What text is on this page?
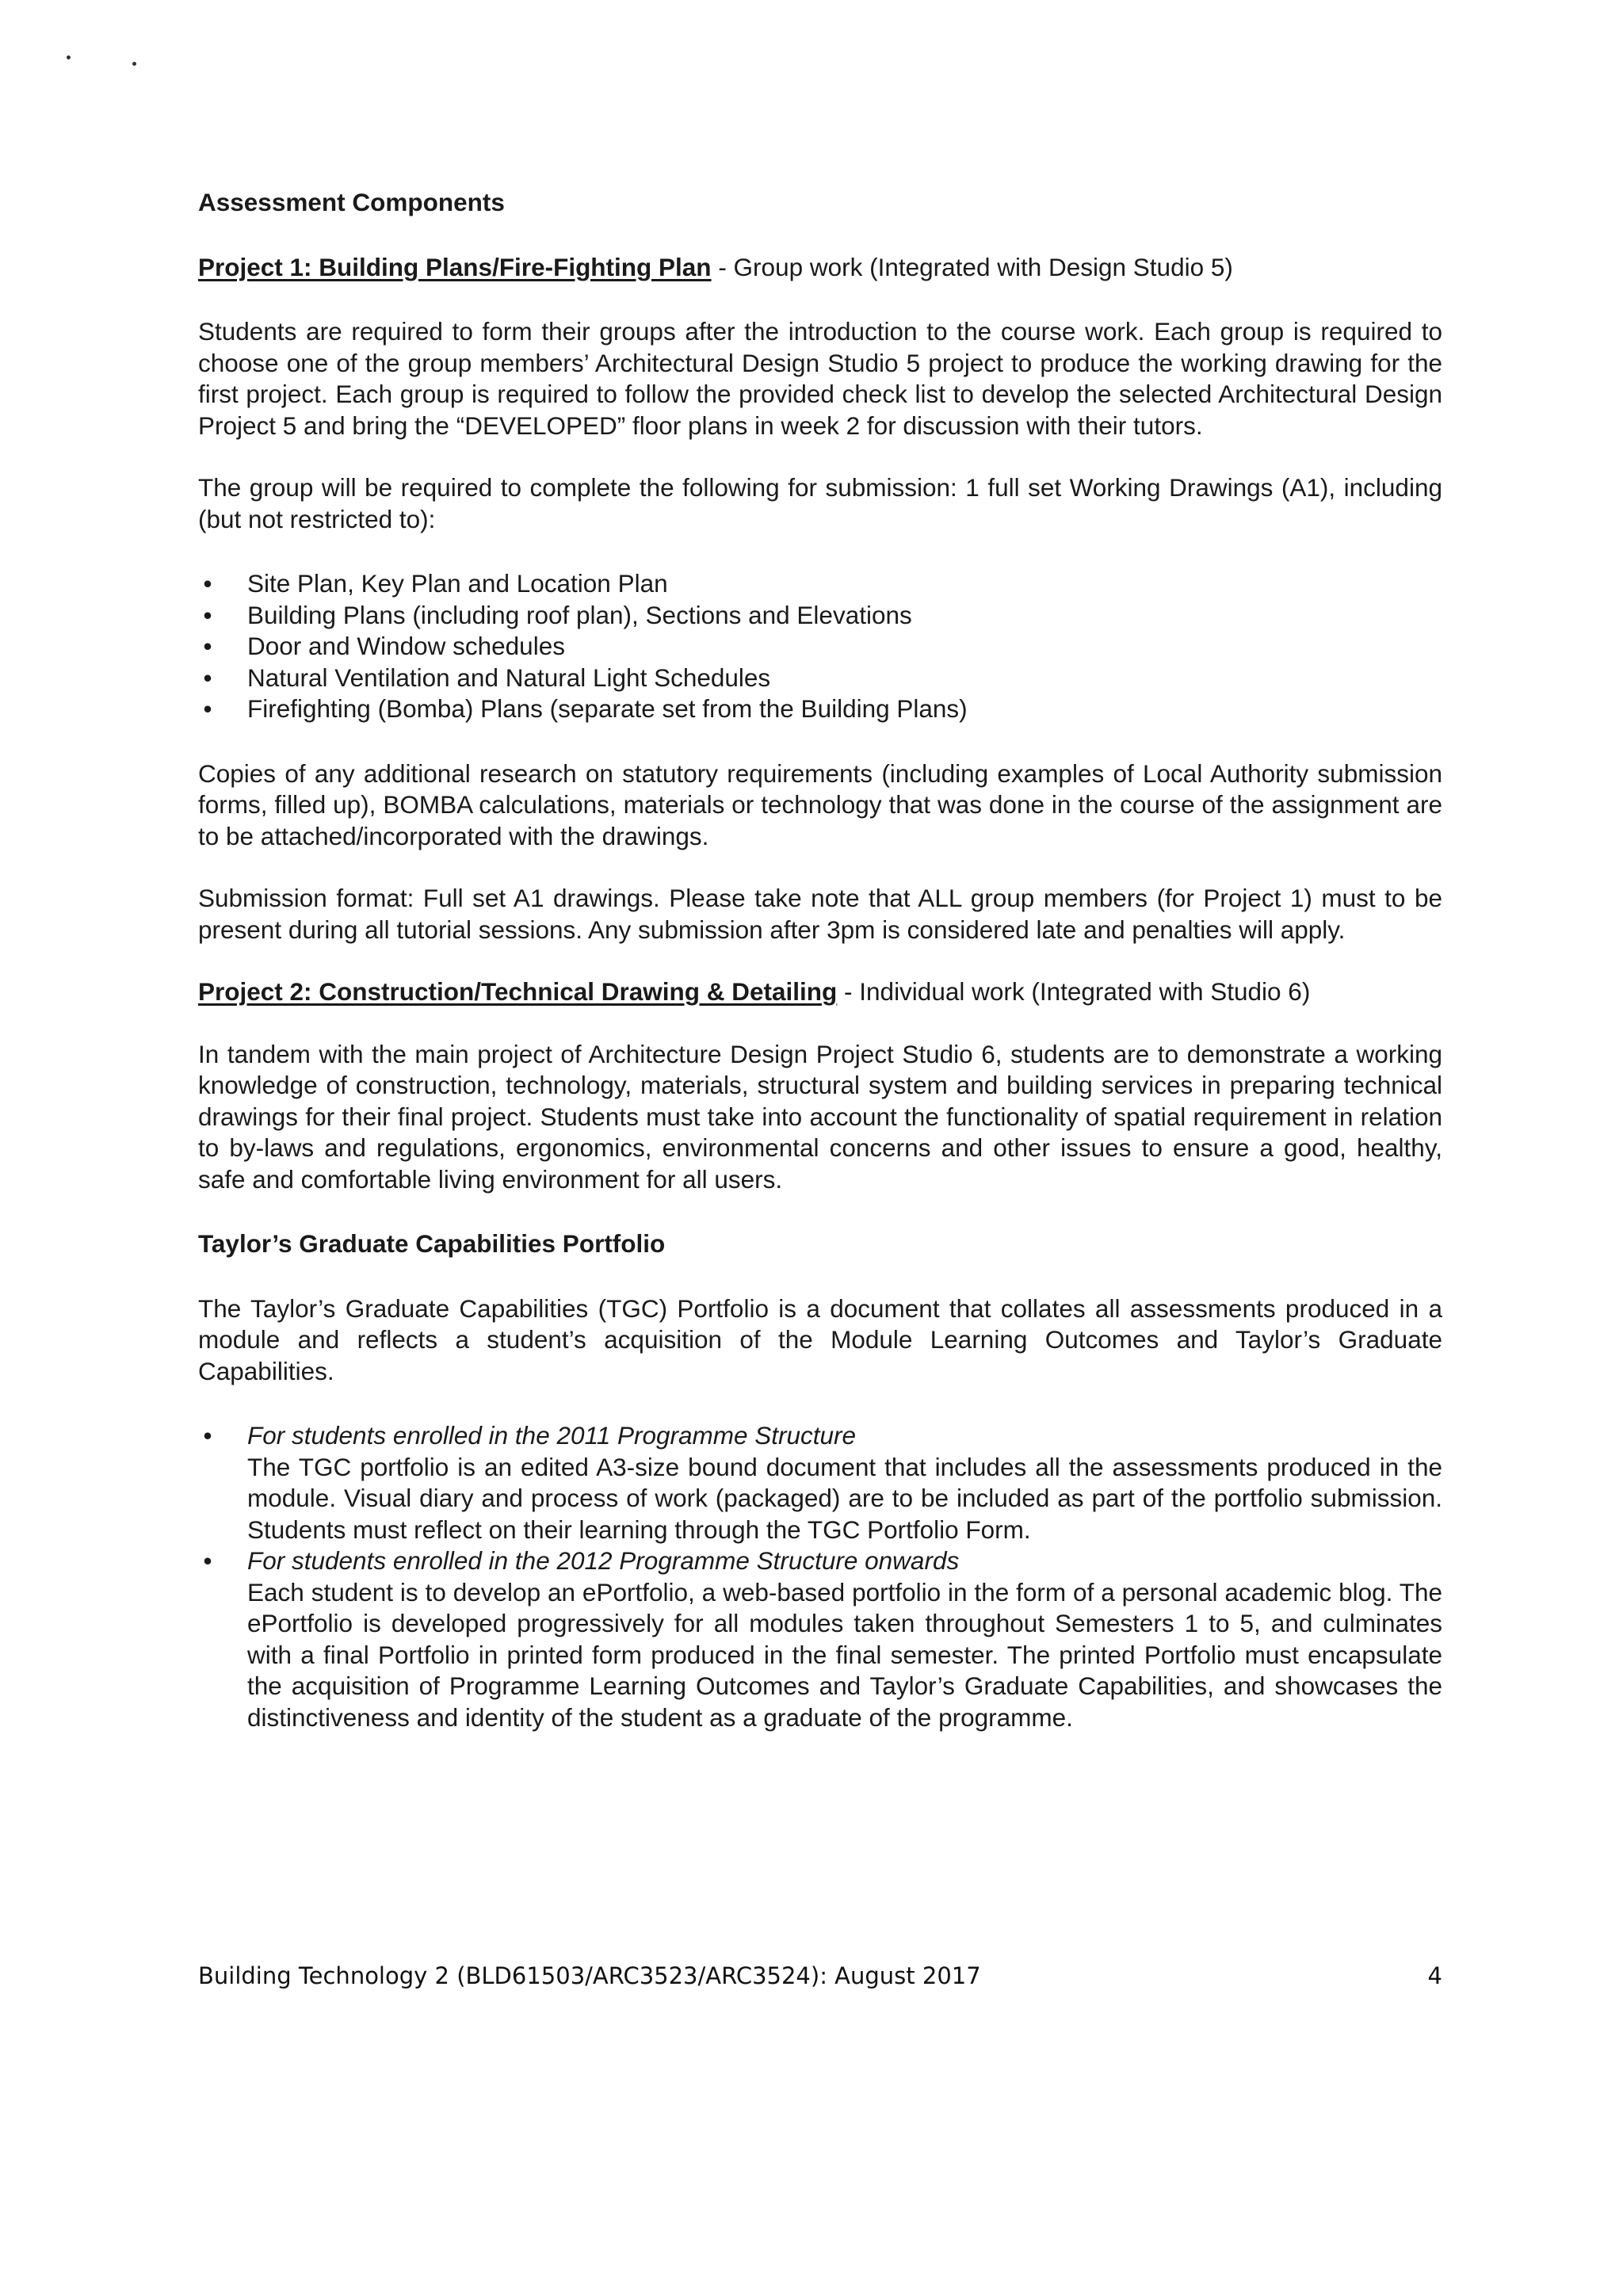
Assessment Components

Project 1: Building Plans/Fire-Fighting Plan - Group work (Integrated with Design Studio 5)

Students are required to form their groups after the introduction to the course work. Each group is required to choose one of the group members’ Architectural Design Studio 5 project to produce the working drawing for the first project. Each group is required to follow the provided check list to develop the selected Architectural Design Project 5 and bring the “DEVELOPED” floor plans in week 2 for discussion with their tutors.

The group will be required to complete the following for submission: 1 full set Working Drawings (A1), including (but not restricted to):

• Site Plan, Key Plan and Location Plan
• Building Plans (including roof plan), Sections and Elevations
• Door and Window schedules
• Natural Ventilation and Natural Light Schedules
• Firefighting (Bomba) Plans (separate set from the Building Plans)

Copies of any additional research on statutory requirements (including examples of Local Authority submission forms, filled up), BOMBA calculations, materials or technology that was done in the course of the assignment are to be attached/incorporated with the drawings.

Submission format: Full set A1 drawings. Please take note that ALL group members (for Project 1) must to be present during all tutorial sessions. Any submission after 3pm is considered late and penalties will apply.

Project 2: Construction/Technical Drawing & Detailing - Individual work (Integrated with Studio 6)

In tandem with the main project of Architecture Design Project Studio 6, students are to demonstrate a working knowledge of construction, technology, materials, structural system and building services in preparing technical drawings for their final project. Students must take into account the functionality of spatial requirement in relation to by-laws and regulations, ergonomics, environmental concerns and other issues to ensure a good, healthy, safe and comfortable living environment for all users.

Taylor’s Graduate Capabilities Portfolio

The Taylor’s Graduate Capabilities (TGC) Portfolio is a document that collates all assessments produced in a module and reflects a student’s acquisition of the Module Learning Outcomes and Taylor’s Graduate Capabilities.

• For students enrolled in the 2011 Programme Structure
The TGC portfolio is an edited A3-size bound document that includes all the assessments produced in the module. Visual diary and process of work (packaged) are to be included as part of the portfolio submission. Students must reflect on their learning through the TGC Portfolio Form.
• For students enrolled in the 2012 Programme Structure onwards
Each student is to develop an ePortfolio, a web-based portfolio in the form of a personal academic blog. The ePortfolio is developed progressively for all modules taken throughout Semesters 1 to 5, and culminates with a final Portfolio in printed form produced in the final semester. The printed Portfolio must encapsulate the acquisition of Programme Learning Outcomes and Taylor’s Graduate Capabilities, and showcases the distinctiveness and identity of the student as a graduate of the programme.
Building Technology 2 (BLD61503/ARC3523/ARC3524): August 2017	4
